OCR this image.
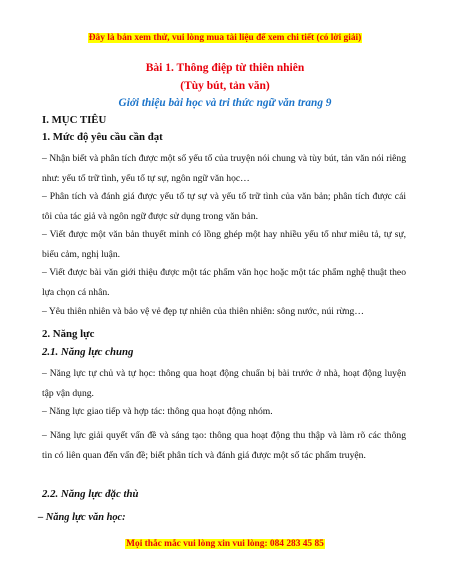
Đây là bản xem thử, vui lòng mua tài liệu để xem chi tiết (có lời giải)
Bài 1. Thông điệp từ thiên nhiên
(Tùy bút, tản văn)
Giới thiệu bài học và tri thức ngữ văn trang 9
I. MỤC TIÊU
1. Mức độ yêu cầu cần đạt
– Nhận biết và phân tích được một số yếu tố của truyện nói chung và tùy bút, tản văn nói riêng như: yếu tố trữ tình, yếu tố tự sự, ngôn ngữ văn học…
– Phân tích và đánh giá được yếu tố tự sự và yếu tố trữ tình của văn bản; phân tích được cái tôi của tác giả và ngôn ngữ được sử dụng trong văn bản.
– Viết được một văn bản thuyết minh có lồng ghép một hay nhiều yếu tố như miêu tả, tự sự, biểu cảm, nghị luận.
– Viết được bài văn giới thiệu được một tác phẩm văn học hoặc một tác phẩm nghệ thuật theo lựa chọn cá nhân.
– Yêu thiên nhiên và bảo vệ vẻ đẹp tự nhiên của thiên nhiên: sông nước, núi rừng…
2. Năng lực
2.1. Năng lực chung
– Năng lực tự chủ và tự học: thông qua hoạt động chuẩn bị bài trước ở nhà, hoạt động luyện tập vận dụng.
– Năng lực giao tiếp và hợp tác: thông qua hoạt động nhóm.
– Năng lực giải quyết vấn đề và sáng tạo: thông qua hoạt động thu thập và làm rõ các thông tin có liên quan đến vấn đề; biết phân tích và đánh giá được một số tác phẩm truyện.
2.2. Năng lực đặc thù
– Năng lực văn học:
Mọi thắc mắc vui lòng xin vui lòng: 084 283 45 85
